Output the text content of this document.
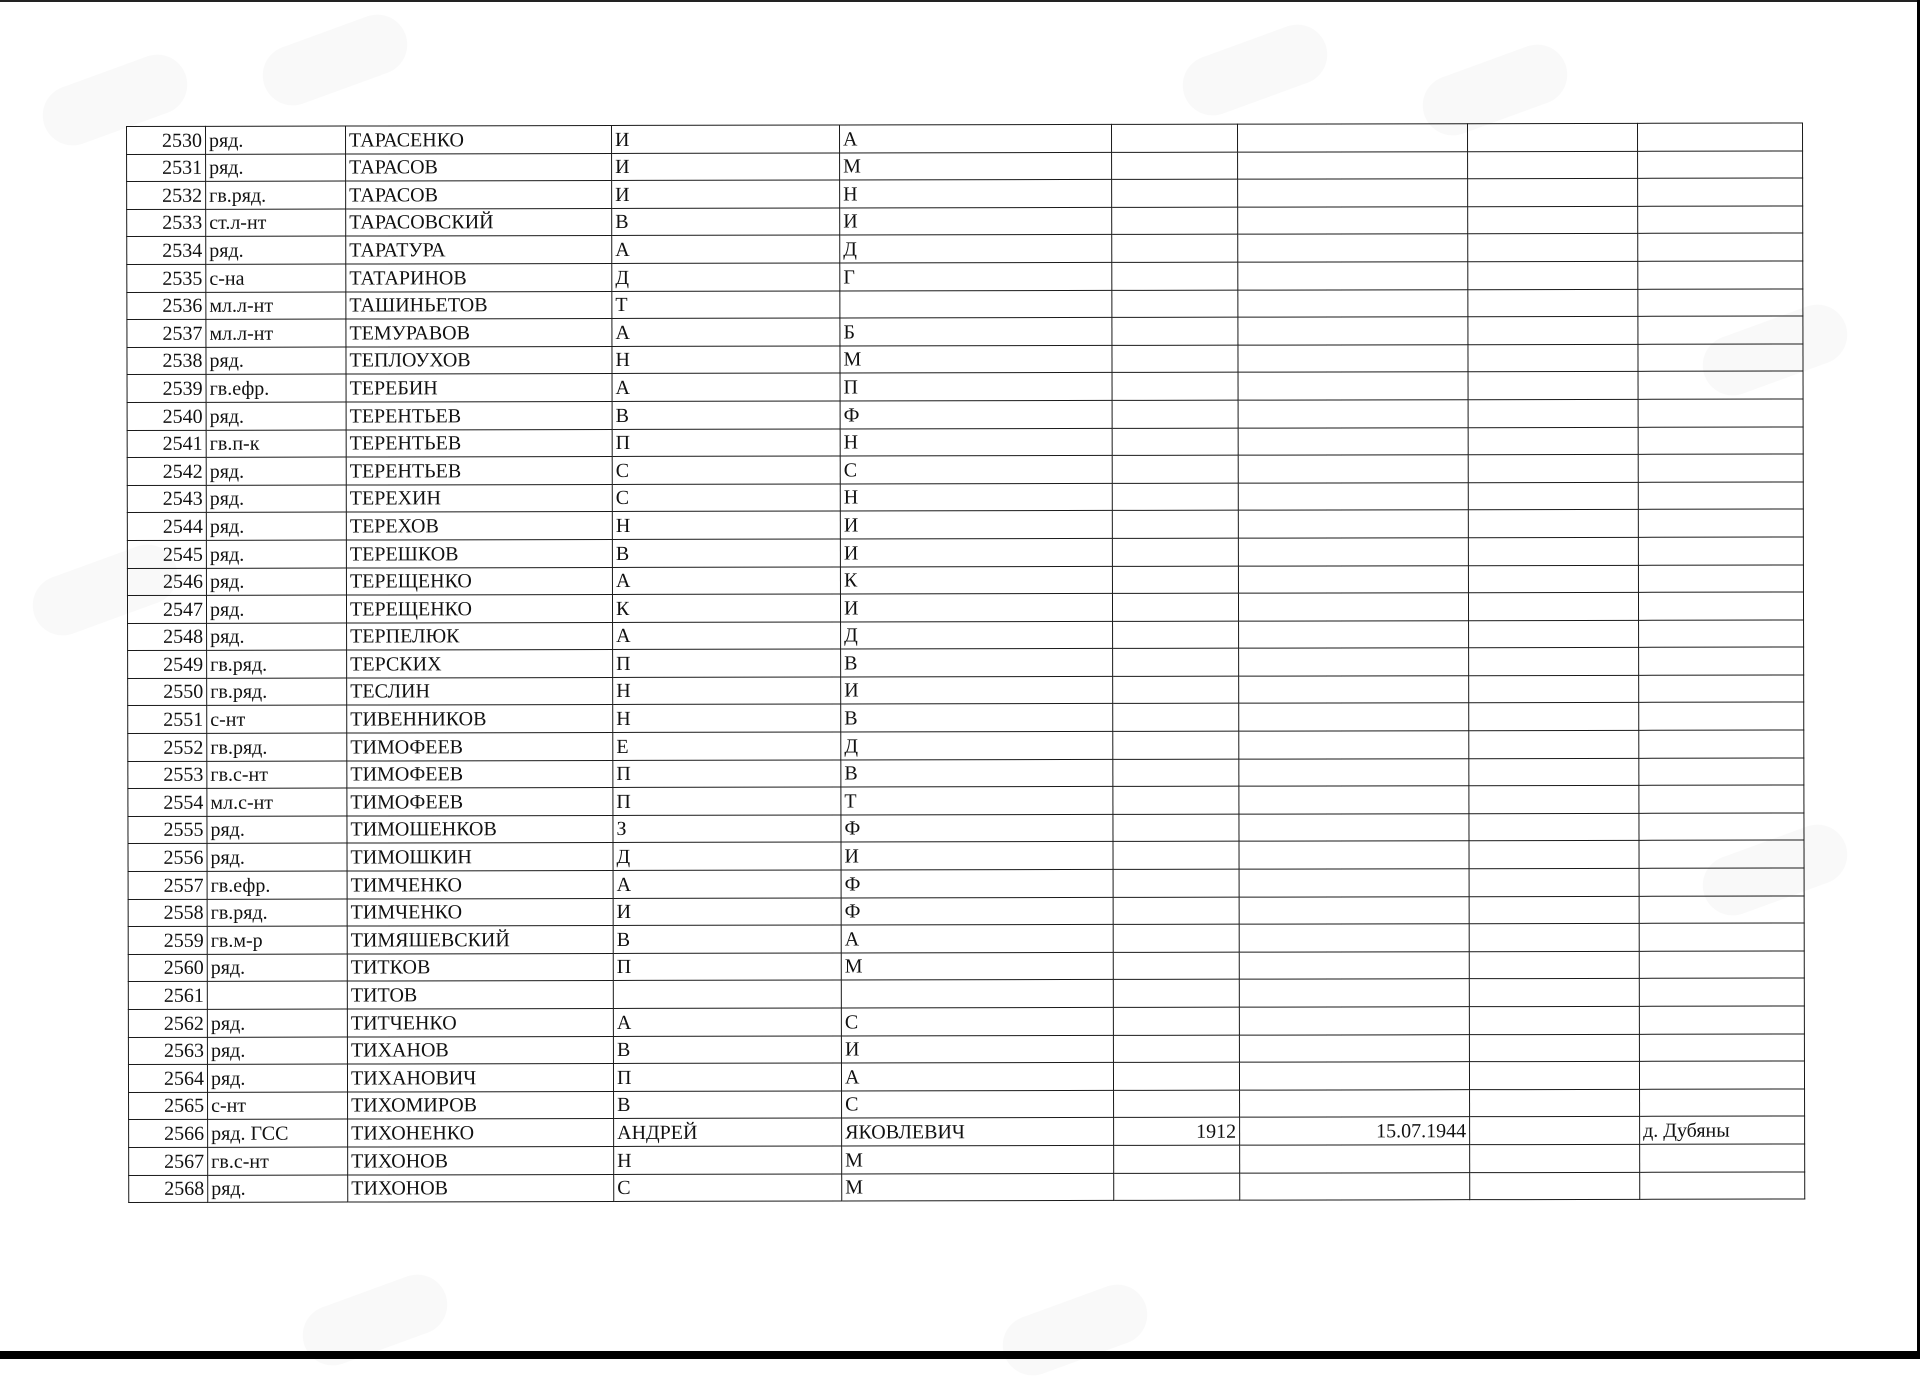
2530	ряд.	ТАРАСЕНКО	И	А				
2531	ряд.	ТАРАСОВ	И	М				
2532	гв.ряд.	ТАРАСОВ	И	Н				
2533	ст.л-нт	ТАРАСОВСКИЙ	В	И				
2534	ряд.	ТАРАТУРА	А	Д				
2535	с-на	ТАТАРИНОВ	Д	Г				
2536	мл.л-нт	ТАШИНЬЕТОВ	Т					
2537	мл.л-нт	ТЕМУРАВОВ	А	Б				
2538	ряд.	ТЕПЛОУХОВ	Н	М				
2539	гв.ефр.	ТЕРЕБИН	А	П				
2540	ряд.	ТЕРЕНТЬЕВ	В	Ф				
2541	гв.п-к	ТЕРЕНТЬЕВ	П	Н				
2542	ряд.	ТЕРЕНТЬЕВ	С	С				
2543	ряд.	ТЕРЕХИН	С	Н				
2544	ряд.	ТЕРЕХОВ	Н	И				
2545	ряд.	ТЕРЕШКОВ	В	И				
2546	ряд.	ТЕРЕЩЕНКО	А	К				
2547	ряд.	ТЕРЕЩЕНКО	К	И				
2548	ряд.	ТЕРПЕЛЮК	А	Д				
2549	гв.ряд.	ТЕРСКИХ	П	В				
2550	гв.ряд.	ТЕСЛИН	Н	И				
2551	с-нт	ТИВЕННИКОВ	Н	В				
2552	гв.ряд.	ТИМОФЕЕВ	Е	Д				
2553	гв.с-нт	ТИМОФЕЕВ	П	В				
2554	мл.с-нт	ТИМОФЕЕВ	П	Т				
2555	ряд.	ТИМОШЕНКОВ	З	Ф				
2556	ряд.	ТИМОШКИН	Д	И				
2557	гв.ефр.	ТИМЧЕНКО	А	Ф				
2558	гв.ряд.	ТИМЧЕНКО	И	Ф				
2559	гв.м-р	ТИМЯШЕВСКИЙ	В	А				
2560	ряд.	ТИТКОВ	П	М				
2561		ТИТОВ						
2562	ряд.	ТИТЧЕНКО	А	С				
2563	ряд.	ТИХАНОВ	В	И				
2564	ряд.	ТИХАНОВИЧ	П	А				
2565	с-нт	ТИХОМИРОВ	В	С				
2566	ряд. ГСС	ТИХОНЕНКО	АНДРЕЙ	ЯКОВЛЕВИЧ	1912	15.07.1944		д. Дубяны
2567	гв.с-нт	ТИХОНОВ	Н	М				
2568	ряд.	ТИХОНОВ	С	М				
